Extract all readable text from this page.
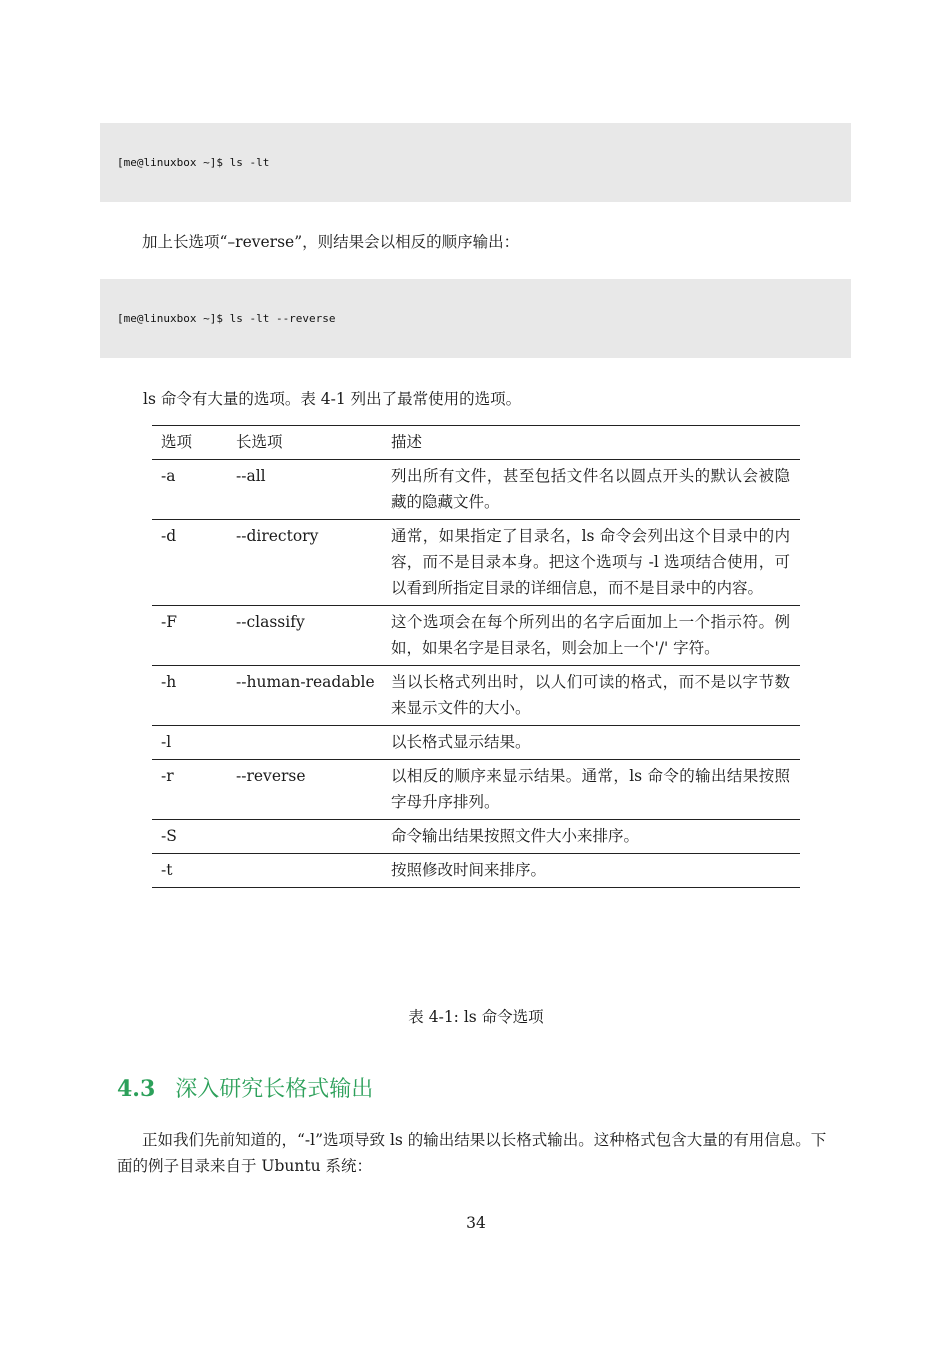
[me@linuxbox ~]$ ls -lt

加上长选项“–reverse”，则结果会以相反的顺序输出：

[me@linuxbox ~]$ ls -lt --reverse

ls 命令有大量的选项。表 4-1 列出了最常使用的选项。

选项	长选项	描述
-a	--all	列出所有文件，甚至包括文件名以圆点开头的默认会被隐藏的隐藏文件。
-d	--directory	通常，如果指定了目录名，ls 命令会列出这个目录中的内容，而不是目录本身。把这个选项与 -l 选项结合使用，可以看到所指定目录的详细信息，而不是目录中的内容。
-F	--classify	这个选项会在每个所列出的名字后面加上一个指示符。例如，如果名字是目录名，则会加上一个'/' 字符。
-h	--human-readable	当以长格式列出时，以人们可读的格式，而不是以字节数来显示文件的大小。
-l		以长格式显示结果。
-r	--reverse	以相反的顺序来显示结果。通常，ls 命令的输出结果按照字母升序排列。
-S		命令输出结果按照文件大小来排序。
-t		按照修改时间来排序。
表 4-1: ls 命令选项
4.3 深入研究长格式输出

正如我们先前知道的，“-l”选项导致 ls 的输出结果以长格式输出。这种格式包含大量的有用信息。下面的例子目录来自于 Ubuntu 系统：

34
